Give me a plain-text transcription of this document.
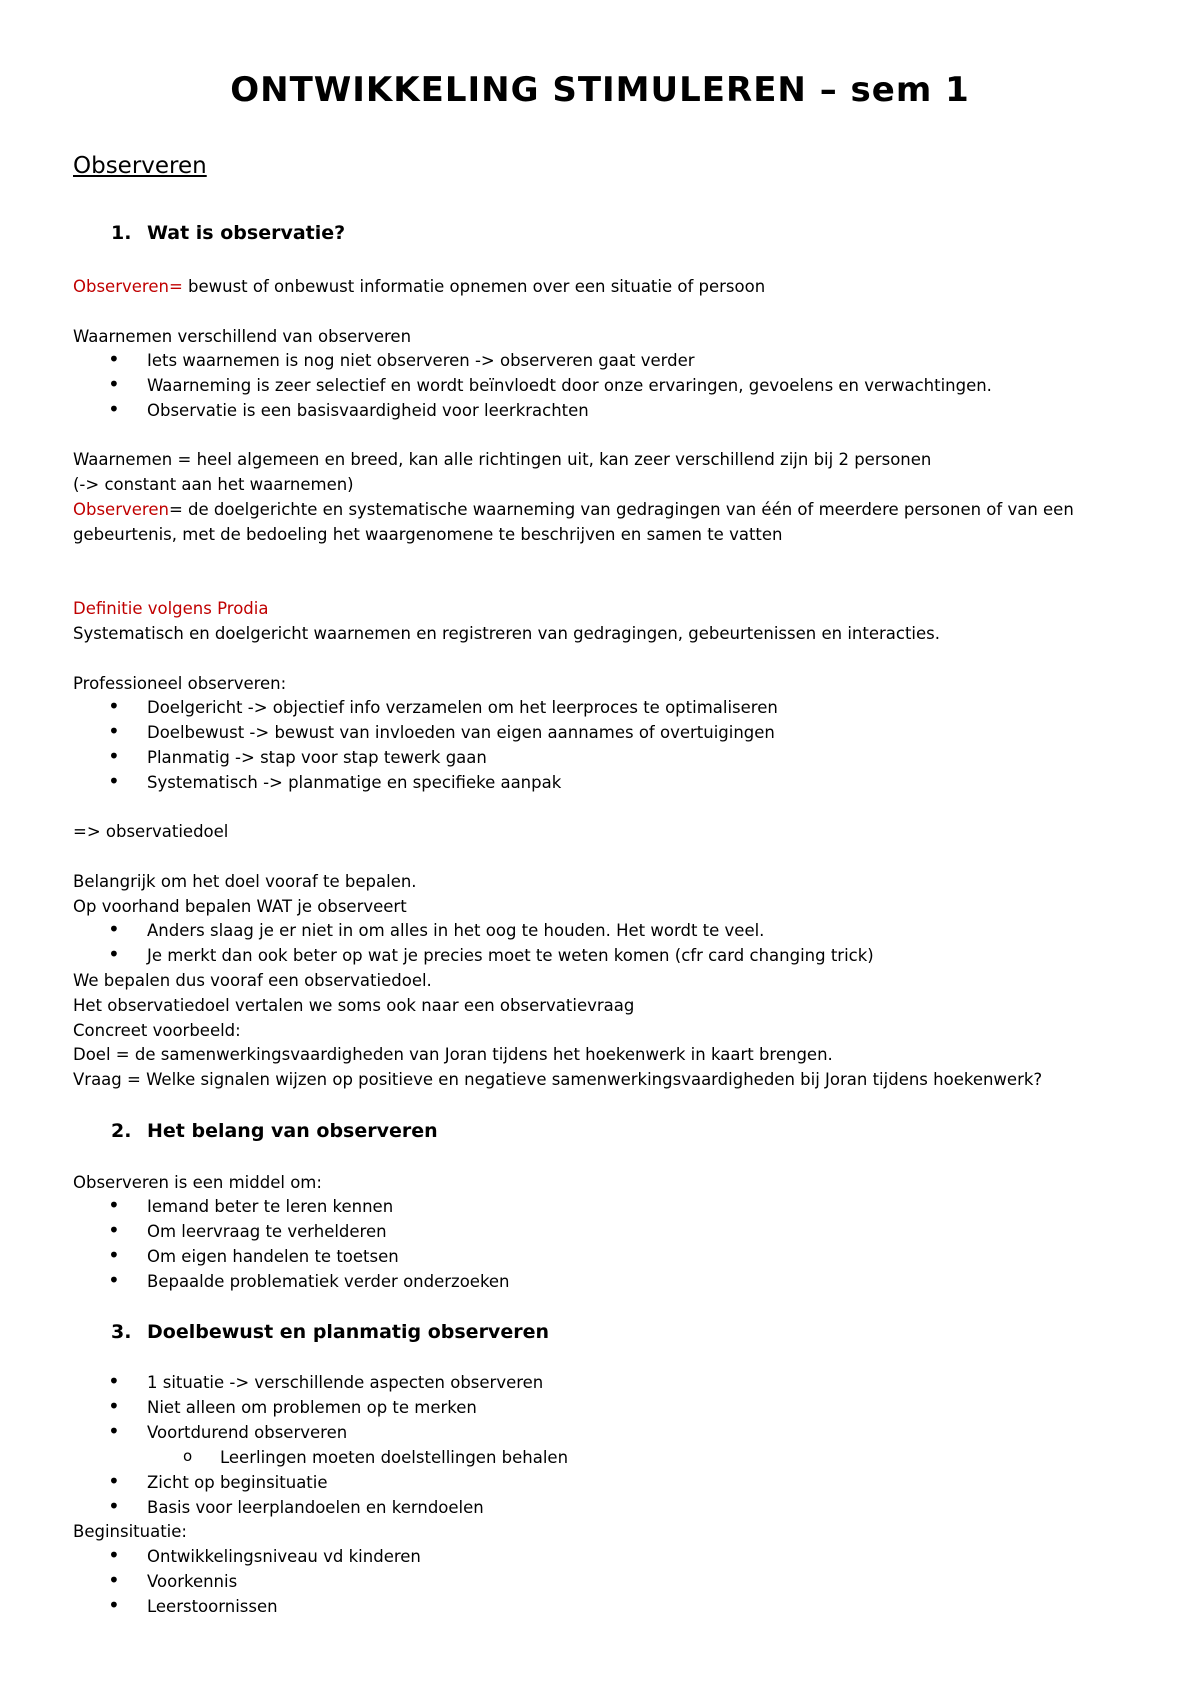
ONTWIKKELING STIMULEREN – sem 1
Observeren
1. Wat is observatie?
Observeren= bewust of onbewust informatie opnemen over een situatie of persoon
Waarnemen verschillend van observeren
• Iets waarnemen is nog niet observeren -> observeren gaat verder
• Waarneming is zeer selectief en wordt beïnvloedt door onze ervaringen, gevoelens en verwachtingen.
• Observatie is een basisvaardigheid voor leerkrachten
Waarnemen = heel algemeen en breed, kan alle richtingen uit, kan zeer verschillend zijn bij 2 personen
(-> constant aan het waarnemen)
Observeren= de doelgerichte en systematische waarneming van gedragingen van één of meerdere personen of van een
gebeurtenis, met de bedoeling het waargenomene te beschrijven en samen te vatten
Definitie volgens Prodia
Systematisch en doelgericht waarnemen en registreren van gedragingen, gebeurtenissen en interacties.
Professioneel observeren:
• Doelgericht -> objectief info verzamelen om het leerproces te optimaliseren
• Doelbewust -> bewust van invloeden van eigen aannames of overtuigingen
• Planmatig -> stap voor stap tewerk gaan
• Systematisch -> planmatige en specifieke aanpak
=> observatiedoel
Belangrijk om het doel vooraf te bepalen.
Op voorhand bepalen WAT je observeert
• Anders slaag je er niet in om alles in het oog te houden. Het wordt te veel.
• Je merkt dan ook beter op wat je precies moet te weten komen (cfr card changing trick)
We bepalen dus vooraf een observatiedoel.
Het observatiedoel vertalen we soms ook naar een observatievraag
Concreet voorbeeld:
Doel = de samenwerkingsvaardigheden van Joran tijdens het hoekenwerk in kaart brengen.
Vraag = Welke signalen wijzen op positieve en negatieve samenwerkingsvaardigheden bij Joran tijdens hoekenwerk?
2. Het belang van observeren
Observeren is een middel om:
• Iemand beter te leren kennen
• Om leervraag te verhelderen
• Om eigen handelen te toetsen
• Bepaalde problematiek verder onderzoeken
3. Doelbewust en planmatig observeren
• 1 situatie -> verschillende aspecten observeren
• Niet alleen om problemen op te merken
• Voortdurend observeren
o Leerlingen moeten doelstellingen behalen
• Zicht op beginsituatie
• Basis voor leerplandoelen en kerndoelen
Beginsituatie:
• Ontwikkelingsniveau vd kinderen
• Voorkennis
• Leerstoornissen
